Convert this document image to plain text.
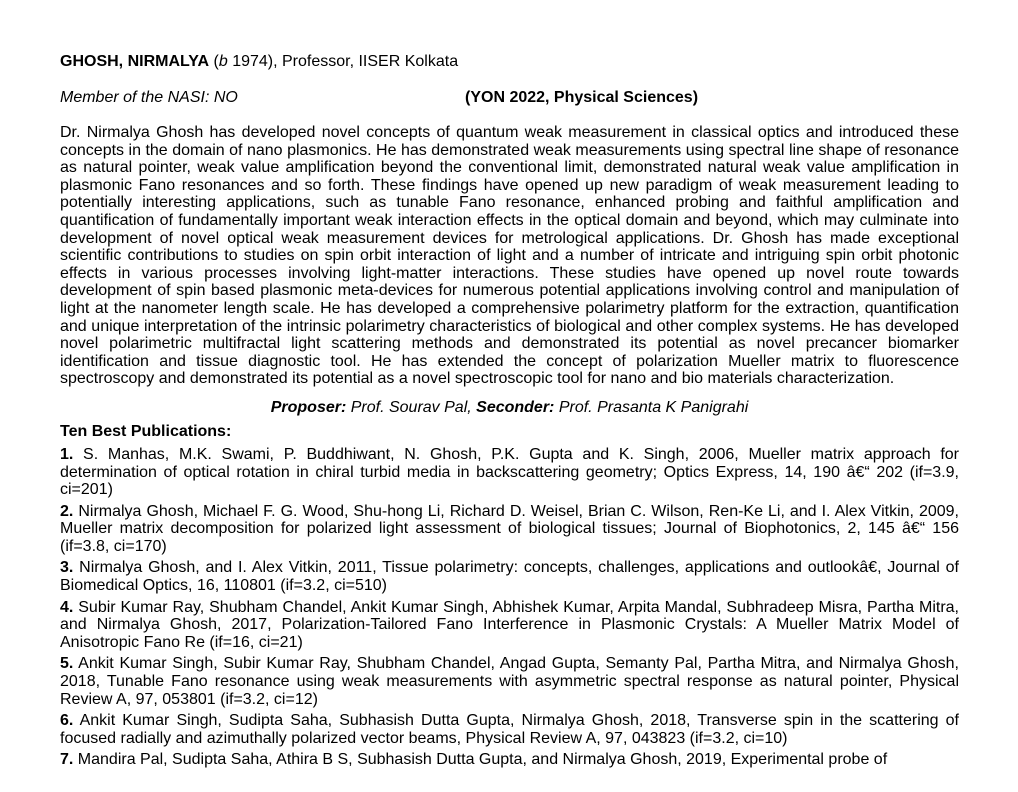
GHOSH, NIRMALYA (b 1974), Professor, IISER Kolkata

Member of the NASI: NO	(YON 2022, Physical Sciences)
Dr. Nirmalya Ghosh has developed novel concepts of quantum weak measurement in classical optics and introduced these concepts in the domain of nano plasmonics. He has demonstrated weak measurements using spectral line shape of resonance as natural pointer, weak value amplification beyond the conventional limit, demonstrated natural weak value amplification in plasmonic Fano resonances and so forth. These findings have opened up new paradigm of weak measurement leading to potentially interesting applications, such as tunable Fano resonance, enhanced probing and faithful amplification and quantification of fundamentally important weak interaction effects in the optical domain and beyond, which may culminate into development of novel optical weak measurement devices for metrological applications. Dr. Ghosh has made exceptional scientific contributions to studies on spin orbit interaction of light and a number of intricate and intriguing spin orbit photonic effects in various processes involving light-matter interactions. These studies have opened up novel route towards development of spin based plasmonic meta-devices for numerous potential applications involving control and manipulation of light at the nanometer length scale. He has developed a comprehensive polarimetry platform for the extraction, quantification and unique interpretation of the intrinsic polarimetry characteristics of biological and other complex systems. He has developed novel polarimetric multifractal light scattering methods and demonstrated its potential as novel precancer biomarker identification and tissue diagnostic tool. He has extended the concept of polarization Mueller matrix to fluorescence spectroscopy and demonstrated its potential as a novel spectroscopic tool for nano and bio materials characterization.
Proposer: Prof. Sourav Pal, Seconder: Prof. Prasanta K Panigrahi
Ten Best Publications:
1. S. Manhas, M.K. Swami, P. Buddhiwant, N. Ghosh, P.K. Gupta and K. Singh, 2006, Mueller matrix approach for determination of optical rotation in chiral turbid media in backscattering geometry; Optics Express, 14, 190 â€“ 202 (if=3.9, ci=201)
2. Nirmalya Ghosh, Michael F. G. Wood, Shu-hong Li, Richard D. Weisel, Brian C. Wilson, Ren-Ke Li, and I. Alex Vitkin, 2009, Mueller matrix decomposition for polarized light assessment of biological tissues; Journal of Biophotonics, 2, 145 â€“ 156 (if=3.8, ci=170)
3. Nirmalya Ghosh, and I. Alex Vitkin, 2011, Tissue polarimetry: concepts, challenges, applications and outlookâ€, Journal of Biomedical Optics, 16, 110801 (if=3.2, ci=510)
4. Subir Kumar Ray, Shubham Chandel, Ankit Kumar Singh, Abhishek Kumar, Arpita Mandal, Subhradeep Misra, Partha Mitra, and Nirmalya Ghosh, 2017, Polarization-Tailored Fano Interference in Plasmonic Crystals: A Mueller Matrix Model of Anisotropic Fano Re (if=16, ci=21)
5. Ankit Kumar Singh, Subir Kumar Ray, Shubham Chandel, Angad Gupta, Semanty Pal, Partha Mitra, and Nirmalya Ghosh, 2018, Tunable Fano resonance using weak measurements with asymmetric spectral response as natural pointer, Physical Review A, 97, 053801 (if=3.2, ci=12)
6. Ankit Kumar Singh, Sudipta Saha, Subhasish Dutta Gupta, Nirmalya Ghosh, 2018, Transverse spin in the scattering of focused radially and azimuthally polarized vector beams, Physical Review A, 97, 043823 (if=3.2, ci=10)
7. Mandira Pal, Sudipta Saha, Athira B S, Subhasish Dutta Gupta, and Nirmalya Ghosh, 2019, Experimental probe of
